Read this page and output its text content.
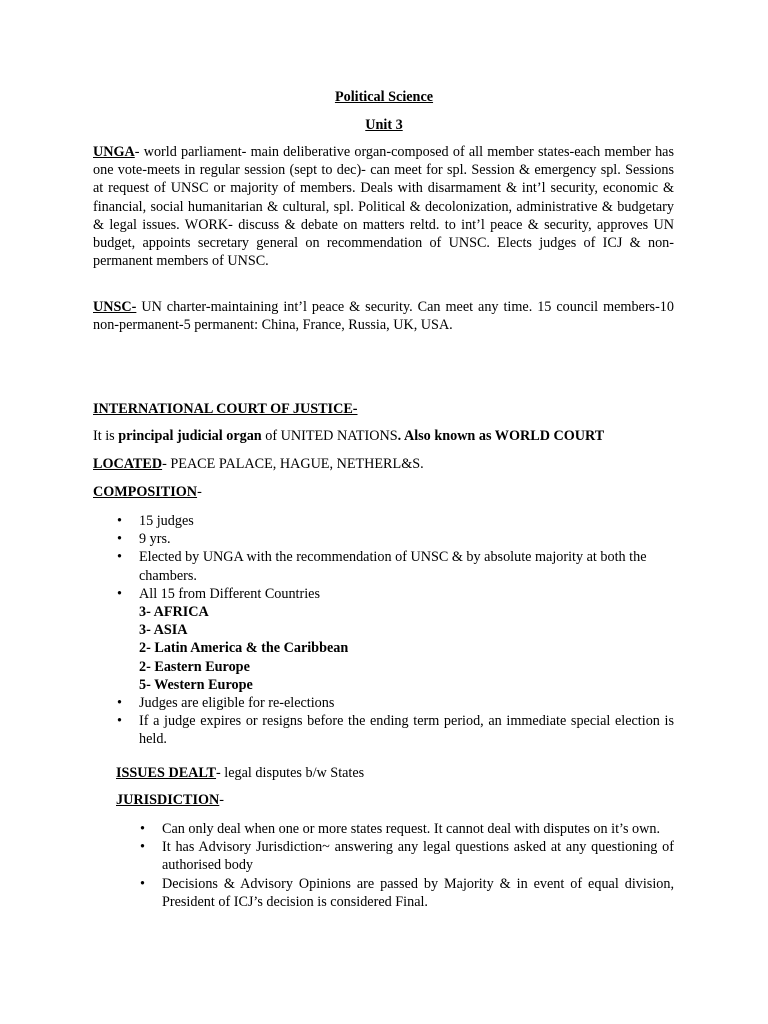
Political Science

Unit 3

UNGA- world parliament- main deliberative organ-composed of all member states-each member has one vote-meets in regular session (sept to dec)- can meet for spl. Session & emergency spl. Sessions at request of UNSC or majority of members. Deals with disarmament & int’l security, economic & financial, social humanitarian & cultural, spl. Political & decolonization, administrative & budgetary & legal issues. WORK- discuss & debate on matters reltd. to int’l peace & security, approves UN budget, appoints secretary general on recommendation of UNSC. Elects judges of ICJ & non-permanent members of UNSC.

UNSC- UN charter-maintaining int’l peace & security. Can meet any time. 15 council members-10 non-permanent-5 permanent: China, France, Russia, UK, USA.

INTERNATIONAL COURT OF JUSTICE-

It is principal judicial organ of UNITED NATIONS. Also known as WORLD COURT

LOCATED- PEACE PALACE, HAGUE, NETHERL&S.

COMPOSITION-

• 15 judges
• 9 yrs.
• Elected by UNGA with the recommendation of UNSC & by absolute majority at both the chambers.
• All 15 from Different Countries
3- AFRICA
3- ASIA
2- Latin America & the Caribbean
2- Eastern Europe
5- Western Europe
• Judges are eligible for re-elections
• If a judge expires or resigns before the ending term period, an immediate special election is held.

ISSUES DEALT- legal disputes b/w States

JURISDICTION-

• Can only deal when one or more states request. It cannot deal with disputes on it’s own.
• It has Advisory Jurisdiction~ answering any legal questions asked at any questioning of authorised body
• Decisions & Advisory Opinions are passed by Majority & in event of equal division, President of ICJ’s decision is considered Final.
